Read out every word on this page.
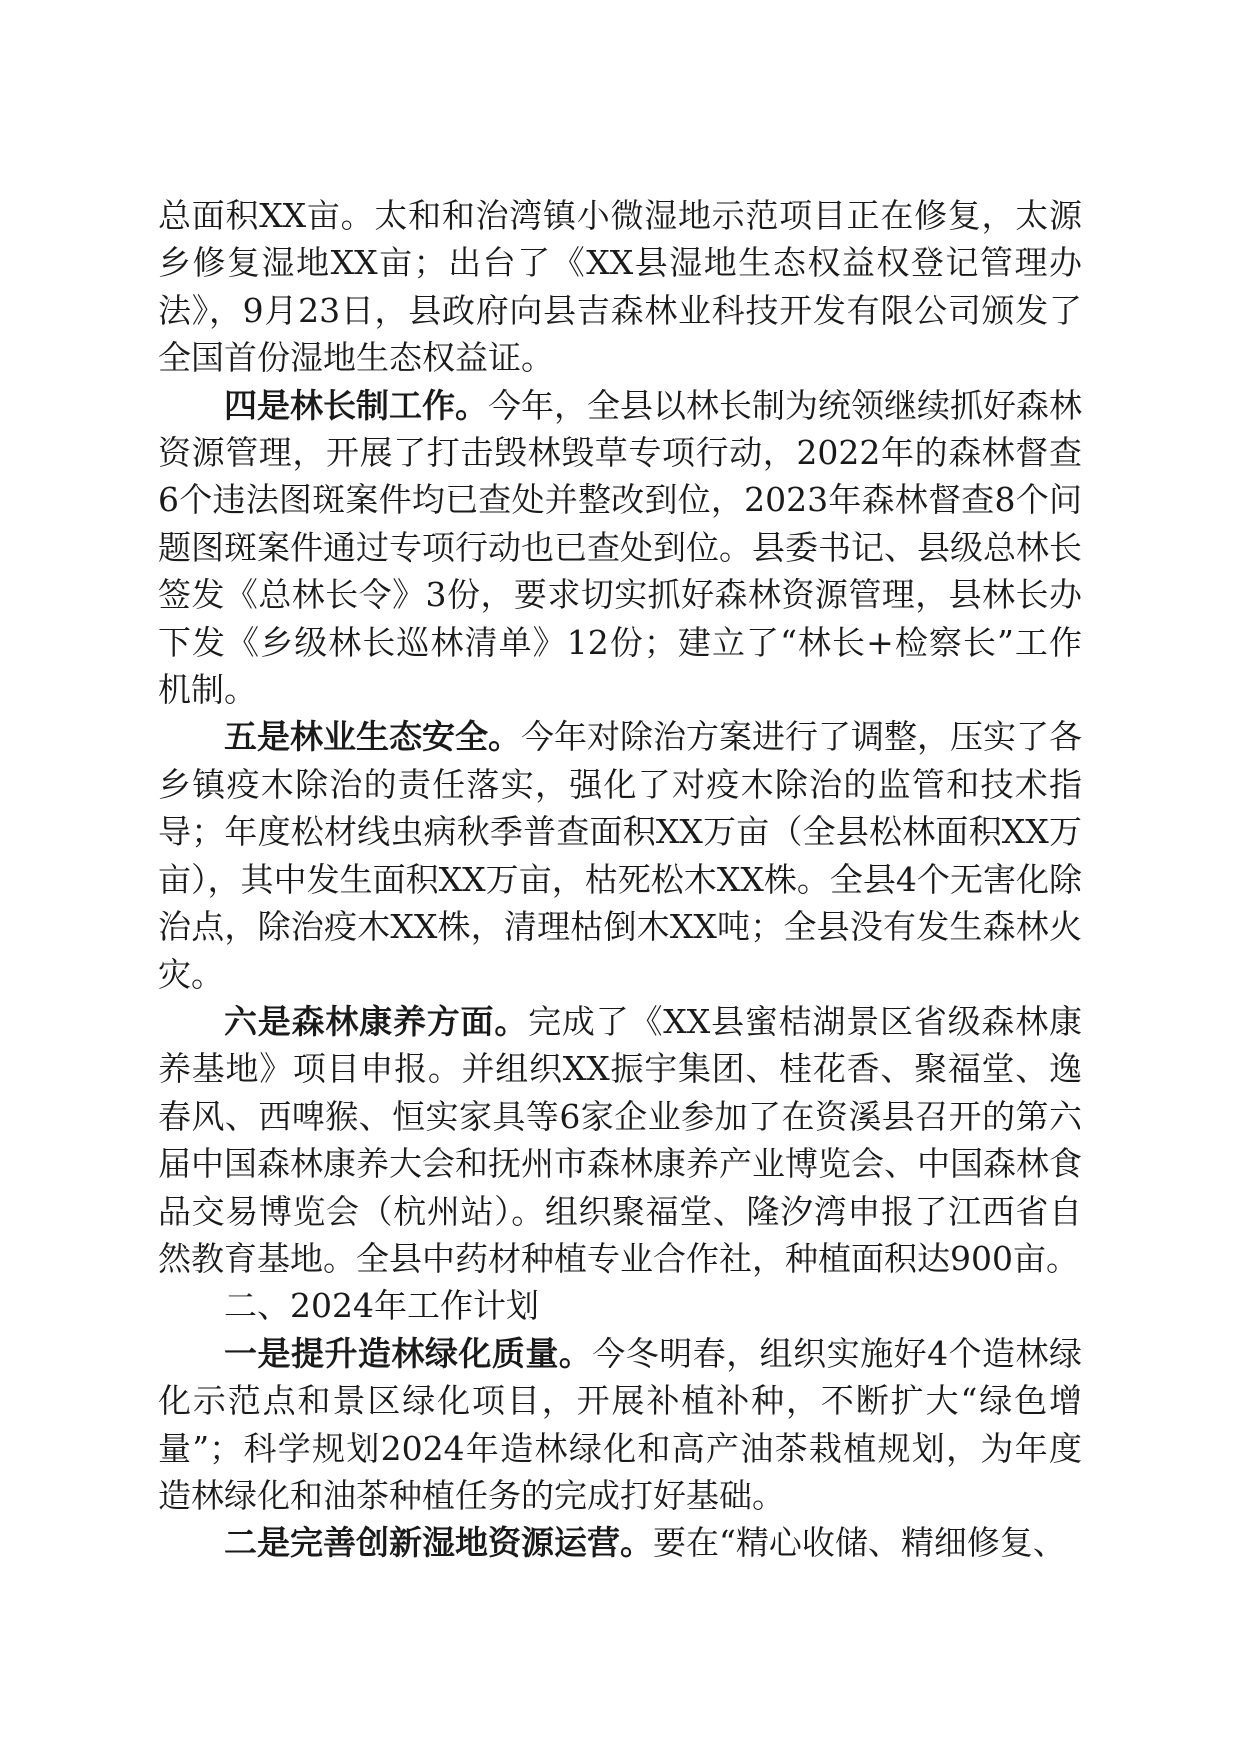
总面积XX亩。太和和治湾镇小微湿地示范项目正在修复，太源乡修复湿地XX亩；出台了《XX县湿地生态权益权登记管理办法》，9月23日，县政府向县吉森林业科技开发有限公司颁发了全国首份湿地生态权益证。

四是林长制工作。今年，全县以林长制为统领继续抓好森林资源管理，开展了打击毁林毁草专项行动，2022年的森林督查6个违法图斑案件均已查处并整改到位，2023年森林督查8个问题图斑案件通过专项行动也已查处到位。县委书记、县级总林长签发《总林长令》3份，要求切实抓好森林资源管理，县林长办下发《乡级林长巡林清单》12份；建立了“林长+检察长”工作机制。

五是林业生态安全。今年对除治方案进行了调整，压实了各乡镇疫木除治的责任落实，强化了对疫木除治的监管和技术指导；年度松材线虫病秋季普查面积XX万亩（全县松林面积XX万亩），其中发生面积XX万亩，枯死松木XX株。全县4个无害化除治点，除治疫木XX株，清理枯倒木XX吨；全县没有发生森林火灾。

六是森林康养方面。完成了《XX县蜜桔湖景区省级森林康养基地》项目申报。并组织XX振宇集团、桂花香、聚福堂、逸春风、西啤猴、恒实家具等6家企业参加了在资溪县召开的第六届中国森林康养大会和抚州市森林康养产业博览会、中国森林食品交易博览会（杭州站）。组织聚福堂、隆汐湾申报了江西省自然教育基地。全县中药材种植专业合作社，种植面积达900亩。

二、2024年工作计划

一是提升造林绿化质量。今冬明春，组织实施好4个造林绿化示范点和景区绿化项目，开展补植补种，不断扩大“绿色增量”；科学规划2024年造林绿化和高产油茶栽植规划，为年度造林绿化和油茶种植任务的完成打好基础。

二是完善创新湿地资源运营。要在“精心收储、精细修复、
